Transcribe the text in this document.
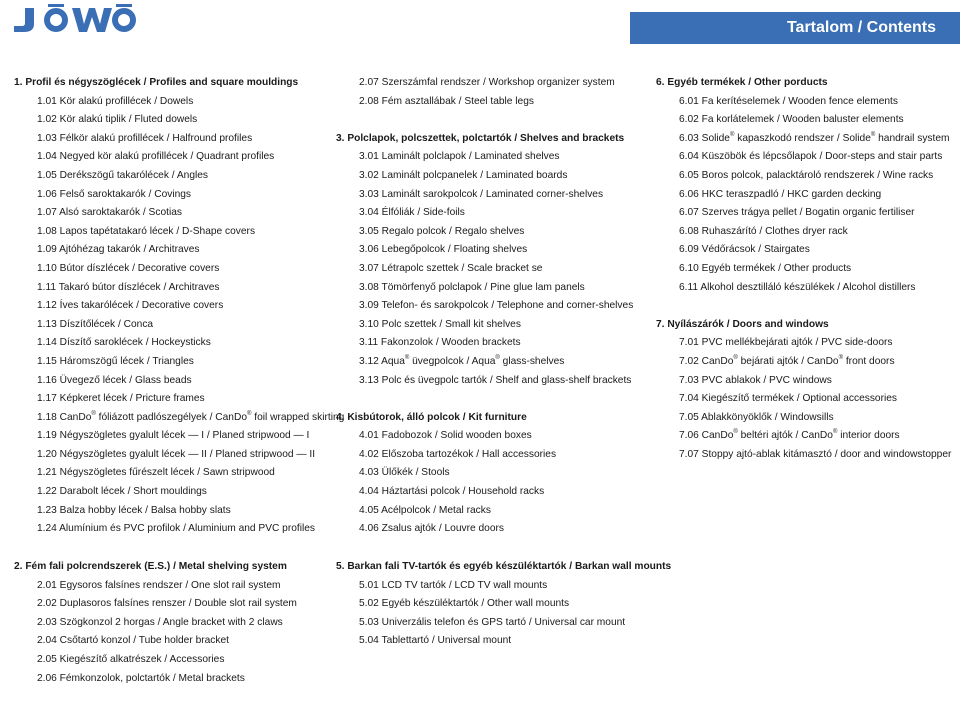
Tartalom / Contents
1. Profil és négyszöglécek / Profiles and square mouldings
1.01 Kör alakú profillécek / Dowels
1.02 Kör alakú tiplik / Fluted dowels
1.03 Félkör alakú profillécek / Halfround profiles
1.04 Negyed kör alakú profillécek / Quadrant profiles
1.05 Derékszögű takarólécek / Angles
1.06 Felső saroktakarók / Covings
1.07 Alsó saroktakarók / Scotias
1.08 Lapos tapétatakaró lécek / D-Shape covers
1.09 Ajtóhézag takarók / Architraves
1.10 Bútor díszlécek / Decorative covers
1.11 Takaró bútor díszlécek / Architraves
1.12 Íves takarólécek / Decorative covers
1.13 Díszítőlécek / Conca
1.14 Díszítő saroklécek / Hockeysticks
1.15 Háromszögű lécek / Triangles
1.16 Üvegező lécek / Glass beads
1.17 Képkeret lécek / Pricture frames
1.18 CanDo® fóliázott padlószegélyek / CanDo® foil wrapped skirting
1.19 Négyszögletes gyalult lécek — I / Planed stripwood — I
1.20 Négyszögletes gyalult lécek — II / Planed stripwood — II
1.21 Négyszögletes fűrészelt lécek / Sawn stripwood
1.22 Darabolt lécek / Short mouldings
1.23 Balza hobby lécek / Balsa hobby slats
1.24 Alumínium és PVC profilok / Aluminium and PVC profiles
2.07 Szerszámfal rendszer / Workshop organizer system
2.08 Fém asztallábak / Steel table legs
3. Polclapok, polcszettek, polctartók / Shelves and brackets
3.01 Laminált polclapok / Laminated shelves
3.02 Laminált polcpanelek / Laminated boards
3.03 Laminált sarokpolcok / Laminated corner-shelves
3.04 Élfóliák / Side-foils
3.05 Regalo polcok / Regalo shelves
3.06 Lebegőpolcok / Floating shelves
3.07 Létrapolc szettek / Scale bracket se
3.08 Tömörfenyő polclapok / Pine glue lam panels
3.09 Telefon- és sarokpolcok / Telephone and corner-shelves
3.10 Polc szettek / Small kit shelves
3.11 Fakonzolok / Wooden brackets
3.12 Aqua® üvegpolcok / Aqua® glass-shelves
3.13 Polc és üvegpolc tartók / Shelf and glass-shelf brackets
4. Kisbútorok, álló polcok / Kit furniture
4.01 Fadobozok / Solid wooden boxes
4.02 Előszoba tartozékok / Hall accessories
4.03 Ülőkék / Stools
4.04 Háztartási polcok / Household racks
4.05 Acélpolcok / Metal racks
4.06 Zsalus ajtók / Louvre doors
6. Egyéb termékek / Other porducts
6.01 Fa kerítéselemek / Wooden fence elements
6.02 Fa korlátelemek / Wooden baluster elements
6.03 Solide® kapaszkodó rendszer / Solide® handrail system
6.04 Küszöbök és lépcsőlapok / Door-steps and stair parts
6.05 Boros polcok, palacktároló rendszerek / Wine racks
6.06 HKC teraszpadló / HKC garden decking
6.07 Szerves trágya pellet / Bogatin organic fertiliser
6.08 Ruhaszárító / Clothes dryer rack
6.09 Védőrácsok / Stairgates
6.10 Egyéb termékek / Other products
6.11 Alkohol desztilláló készülékek / Alcohol distillers
7. Nyílászárók / Doors and windows
7.01 PVC mellékbejárati ajtók / PVC side-doors
7.02 CanDo® bejárati ajtók / CanDo® front doors
7.03 PVC ablakok / PVC windows
7.04 Kiegészítő termékek / Optional accessories
7.05 Ablakkönyöklők / Windowsills
7.06 CanDo® beltéri ajtók / CanDo® interior doors
7.07 Stoppy ajtó-ablak kitámasztó / door and windowstopper
2. Fém fali polcrendszerek (E.S.) / Metal shelving system
2.01 Egysoros falsínes rendszer / One slot rail system
2.02 Duplasoros falsínes renszer / Double slot rail system
2.03 Szögkonzol 2 horgas / Angle bracket with 2 claws
2.04 Csőtartó konzol / Tube holder bracket
2.05 Kiegészítő alkatrészek / Accessories
2.06 Fémkonzolok, polctartók / Metal brackets
5. Barkan fali TV-tartók és egyéb készüléktartók / Barkan wall mounts
5.01 LCD TV tartók / LCD TV wall mounts
5.02 Egyéb készüléktartók / Other wall mounts
5.03 Univerzális telefon és GPS tartó / Universal car mount
5.04 Tablettartó / Universal mount
